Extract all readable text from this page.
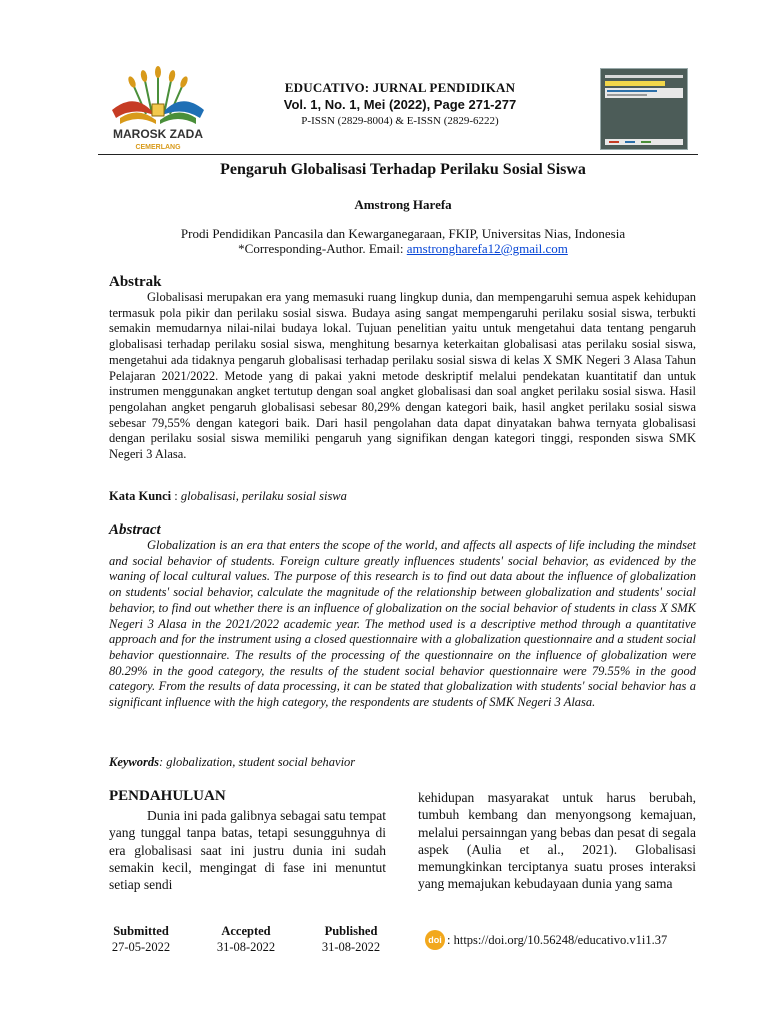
MAROSK ZADA
CEMERLANG
EDUCATIVO: JURNAL PENDIDIKAN
Vol. 1, No. 1, Mei (2022), Page 271-277
P-ISSN (2829-8004) & E-ISSN (2829-6222)
Pengaruh Globalisasi Terhadap Perilaku Sosial Siswa
Amstrong Harefa
Prodi Pendidikan Pancasila dan Kewarganegaraan, FKIP, Universitas Nias, Indonesia
*Corresponding-Author. Email: amstrongharefa12@gmail.com
Abstrak
Globalisasi merupakan era yang memasuki ruang lingkup dunia, dan mempengaruhi semua aspek kehidupan termasuk pola pikir dan perilaku sosial siswa. Budaya asing sangat mempengaruhi perilaku sosial siswa, terbukti semakin memudarnya nilai-nilai budaya lokal. Tujuan penelitian yaitu untuk mengetahui data tentang pengaruh globalisasi terhadap perilaku sosial siswa, menghitung besarnya keterkaitan globalisasi atas perilaku sosial siswa, mengetahui ada tidaknya pengaruh globalisasi terhadap perilaku sosial siswa di kelas X SMK Negeri 3 Alasa Tahun Pelajaran 2021/2022. Metode yang di pakai yakni metode deskriptif melalui pendekatan kuantitatif dan untuk instrumen menggunakan angket tertutup dengan soal angket globalisasi dan soal angket perilaku sosial siswa. Hasil pengolahan angket pengaruh globalisasi sebesar 80,29% dengan kategori baik, hasil angket perilaku sosial siswa sebesar 79,55% dengan kategori baik. Dari hasil pengolahan data dapat dinyatakan bahwa ternyata globalisasi dengan perilaku sosial siswa memiliki pengaruh yang signifikan dengan kategori tinggi, responden siswa SMK Negeri 3 Alasa.
Kata Kunci : globalisasi, perilaku sosial siswa
Abstract
Globalization is an era that enters the scope of the world, and affects all aspects of life including the mindset and social behavior of students. Foreign culture greatly influences students' social behavior, as evidenced by the waning of local cultural values. The purpose of this research is to find out data about the influence of globalization on students' social behavior, calculate the magnitude of the relationship between globalization and students' social behavior, to find out whether there is an influence of globalization on the social behavior of students in class X SMK Negeri 3 Alasa in the 2021/2022 academic year. The method used is a descriptive method through a quantitative approach and for the instrument using a closed questionnaire with a globalization questionnaire and a student social behavior questionnaire. The results of the processing of the questionnaire on the influence of globalization were 80.29% in the good category, the results of the student social behavior questionnaire were 79.55% in the good category. From the results of data processing, it can be stated that globalization with students' social behavior has a significant influence with the high category, the respondents are students of SMK Negeri 3 Alasa.
Keywords: globalization, student social behavior
PENDAHULUAN
Dunia ini pada galibnya sebagai satu tempat yang tunggal tanpa batas, tetapi sesungguhnya di era globalisasi saat ini justru dunia ini sudah semakin kecil, mengingat di fase ini menuntut setiap sendi
kehidupan masyarakat untuk harus berubah, tumbuh kembang dan menyongsong kemajuan, melalui persainngan yang bebas dan pesat di segala aspek (Aulia et al., 2021). Globalisasi memungkinkan terciptanya suatu proses interaksi yang memajukan kebudayaan dunia yang sama
Submitted
27-05-2022
Accepted
31-08-2022
Published
31-08-2022	doi : https://doi.org/10.56248/educativo.v1i1.37
